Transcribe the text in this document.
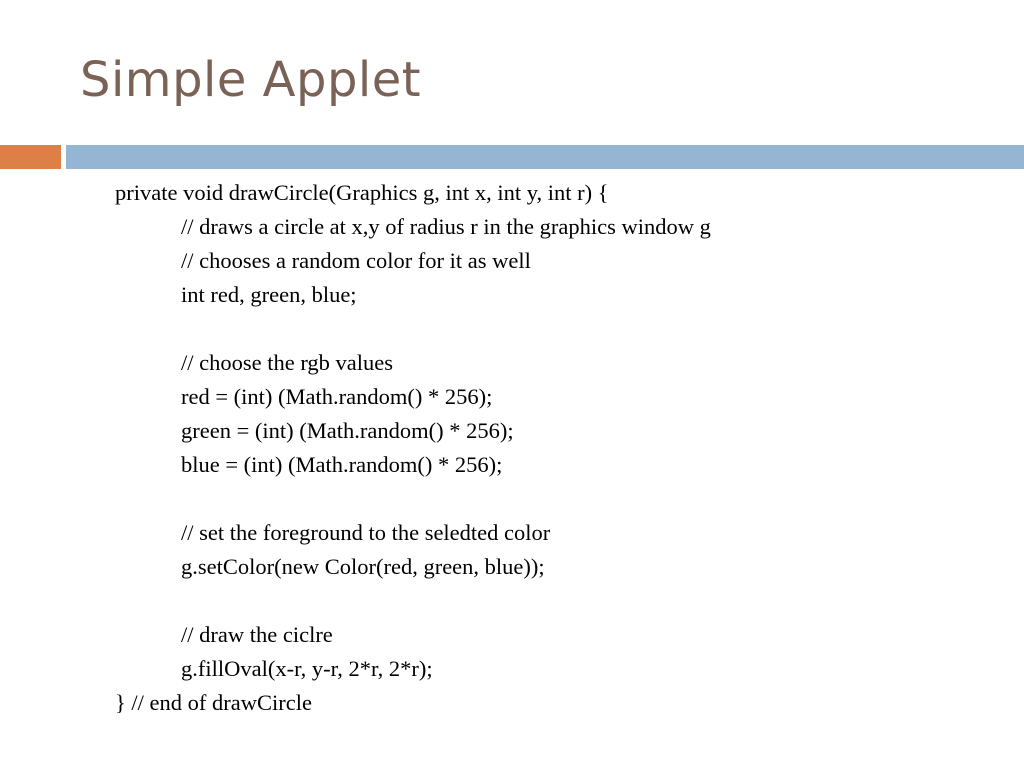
Simple Applet
private void drawCircle(Graphics g, int x, int y, int r) {
// draws a circle at x,y of radius r in the graphics window g
// chooses a random color for it as well
int red, green, blue;
// choose the rgb values
red = (int) (Math.random() * 256);
green = (int) (Math.random() * 256);
blue = (int) (Math.random() * 256);
// set the foreground to the seledted color
g.setColor(new Color(red, green, blue));
// draw the ciclre
g.fillOval(x-r, y-r, 2*r, 2*r);
} // end of drawCircle
